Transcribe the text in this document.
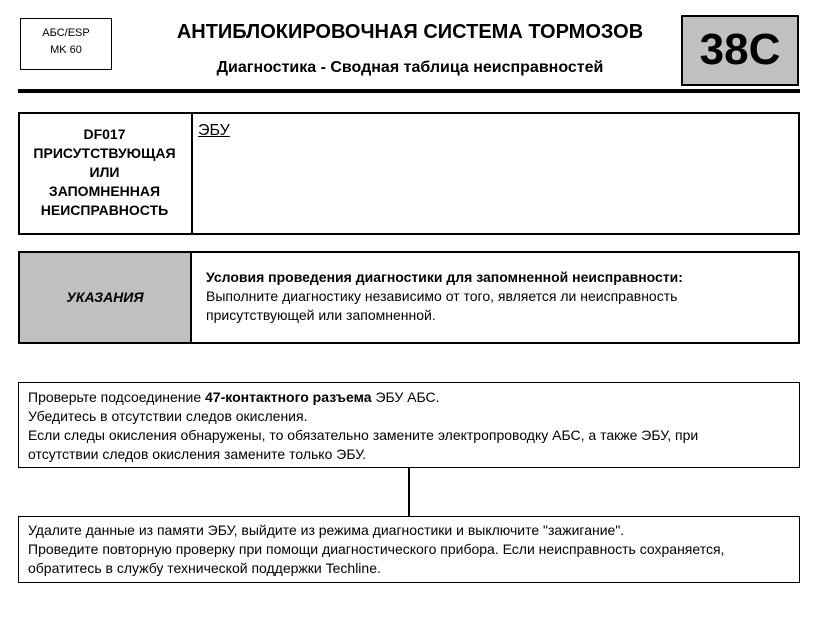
АБС/ESP
MK 60
АНТИБЛОКИРОВОЧНАЯ СИСТЕМА ТОРМОЗОВ
Диагностика - Сводная таблица неисправностей	38C
DF017
ПРИСУТСТВУЮЩАЯ
ИЛИ
ЗАПОМНЕННАЯ
НЕИСПРАВНОСТЬ
ЭБУ
УКАЗАНИЯ
Условия проведения диагностики для запомненной неисправности:
Выполните диагностику независимо от того, является ли неисправность присутствующей или запомненной.
Проверьте подсоединение 47-контактного разъема ЭБУ АБС.
Убедитесь в отсутствии следов окисления.
Если следы окисления обнаружены, то обязательно замените электропроводку АБС, а также ЭБУ, при
отсутствии следов окисления замените только ЭБУ.
Удалите данные из памяти ЭБУ, выйдите из режима диагностики и выключите "зажигание".
Проведите повторную проверку при помощи диагностического прибора. Если неисправность сохраняется,
обратитесь в службу технической поддержки Techline.
